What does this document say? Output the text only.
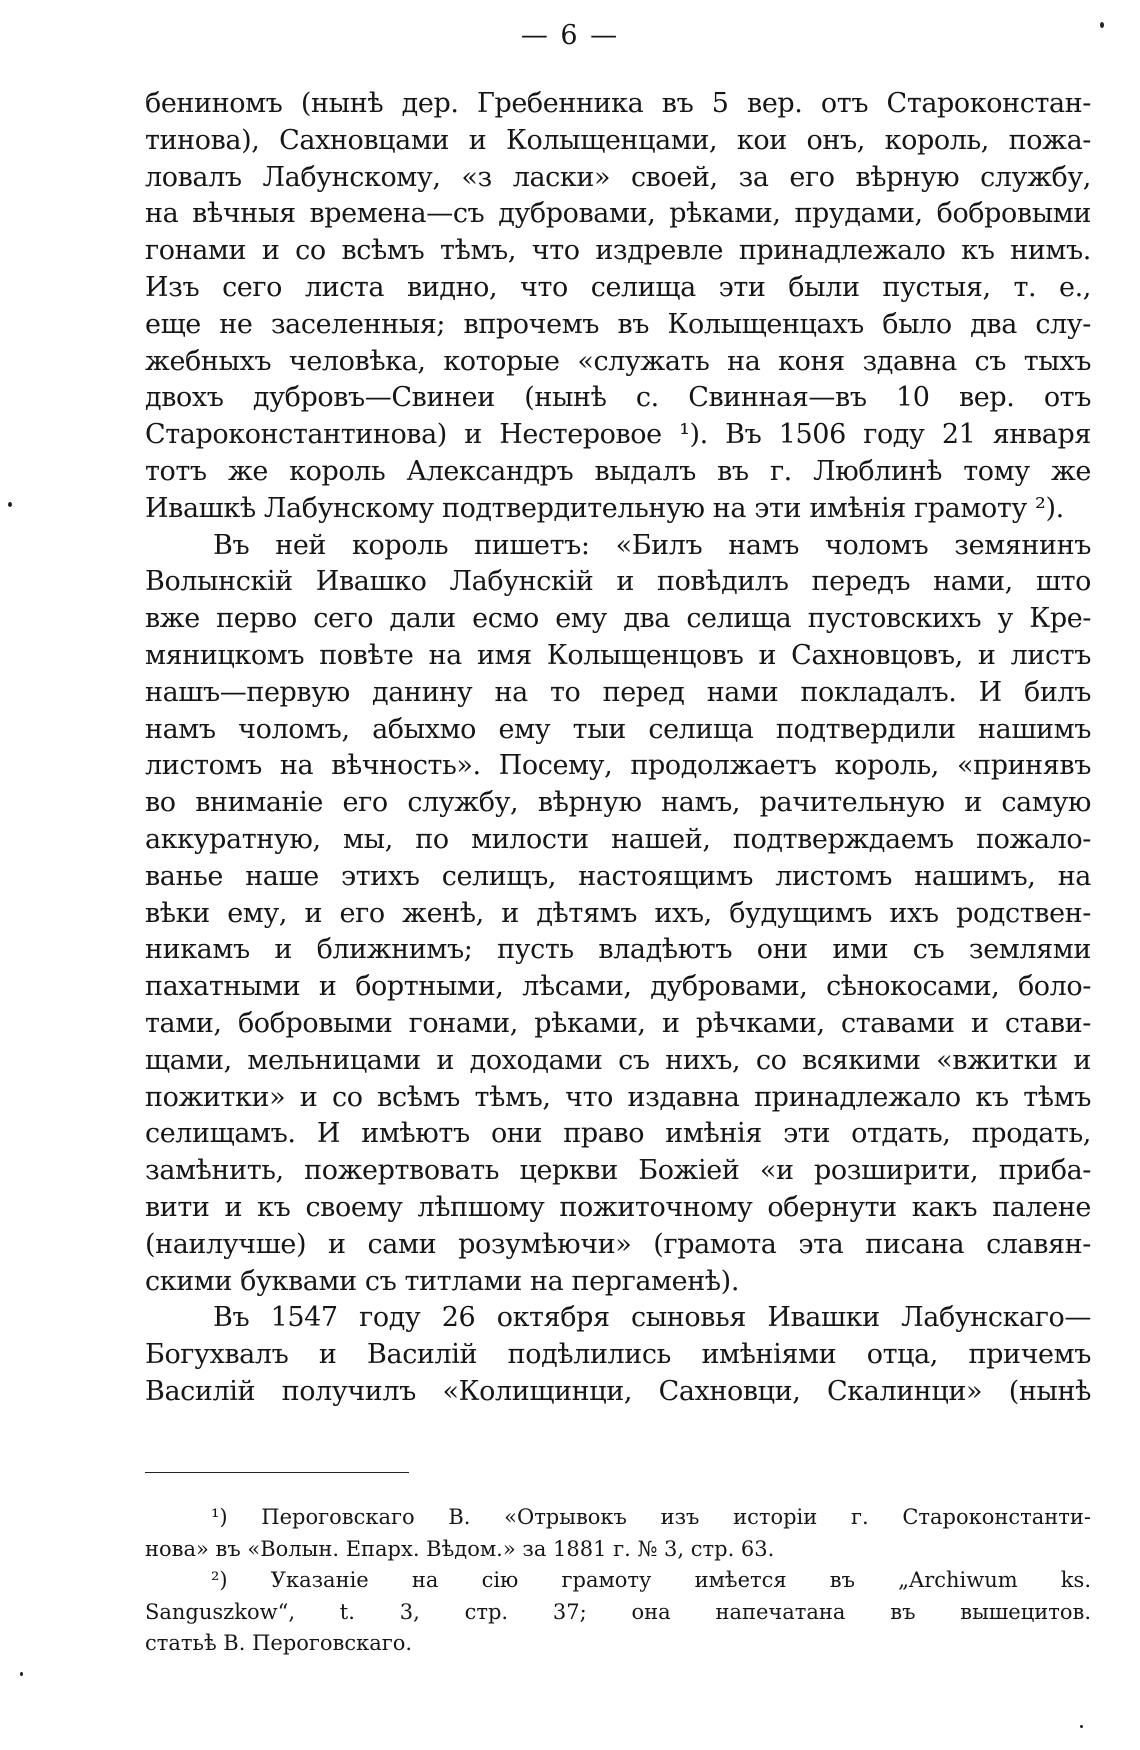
— 6 —
бениномъ (нынѣ дер. Гребенника въ 5 вер. отъ Староконстан-
тинова), Сахновцами и Колыщенцами, кои онъ, король, пожа-
ловалъ Лабунскому, «з ласки» своей, за его вѣрную службу,
на вѣчныя времена—съ дубровами, рѣками, прудами, бобровыми
гонами и со всѣмъ тѣмъ, что издревле принадлежало къ нимъ.
Изъ сего листа видно, что селища эти были пустыя, т. е.,
еще не заселенныя; впрочемъ въ Колыщенцахъ было два слу-
жебныхъ человѣка, которые «служать на коня здавна съ тыхъ
двохъ дубровъ—Свинеи (нынѣ с. Свинная—въ 10 вер. отъ
Староконстантинова) и Нестеровое ¹). Въ 1506 году 21 января
тотъ же король Александръ выдалъ въ г. Люблинѣ тому же
Ивашкѣ Лабунскому подтвердительную на эти имѣнія грамоту ²).
Въ ней король пишетъ: «Билъ намъ чоломъ земянинъ
Волынскій Ивашко Лабунскій и повѣдилъ передъ нами, што
вже перво сего дали есмо ему два селища пустовскихъ у Кре-
мяницкомъ повѣте на имя Колыщенцовъ и Сахновцовъ, и листъ
нашъ—первую данину на то перед нами покладалъ. И билъ
намъ чоломъ, абыхмо ему тыи селища подтвердили нашимъ
листомъ на вѣчность». Посему, продолжаетъ король, «принявъ
во вниманіе его службу, вѣрную намъ, рачительную и самую
аккуратную, мы, по милости нашей, подтверждаемъ пожало-
ванье наше этихъ селищъ, настоящимъ листомъ нашимъ, на
вѣки ему, и его женѣ, и дѣтямъ ихъ, будущимъ ихъ родствен-
никамъ и ближнимъ; пусть владѣютъ они ими съ землями
пахатными и бортными, лѣсами, дубровами, сѣнокосами, боло-
тами, бобровыми гонами, рѣками, и рѣчками, ставами и стави-
щами, мельницами и доходами съ нихъ, со всякими «вжитки и
пожитки» и со всѣмъ тѣмъ, что издавна принадлежало къ тѣмъ
селищамъ. И имѣютъ они право имѣнія эти отдать, продать,
замѣнить, пожертвовать церкви Божіей «и розширити, прибa-
вити и къ своему лѣпшому пожиточному обернути какъ палене
(наилучше) и сами розумѣючи» (грамота эта писана славян-
скими буквами съ титлами на пергаменѣ).
Въ 1547 году 26 октября сыновья Ивашки Лабунскаго—
Богухвалъ и Василій подѣлились имѣніями отца, причемъ
Василій получилъ «Колищинци, Сахновци, Скалинци» (нынѣ
¹) Пероговскаго В. «Отрывокъ изъ исторіи г. Староконстанти-
нова» въ «Волын. Епарх. Вѣдом.» за 1881 г. № 3, стр. 63.
²) Указаніе на сію грамоту имѣется въ „Archiwum ks.
Sanguszkow“, t. 3, стр. 37; она напечатана въ вышецитов.
статьѣ В. Пероговскаго.
